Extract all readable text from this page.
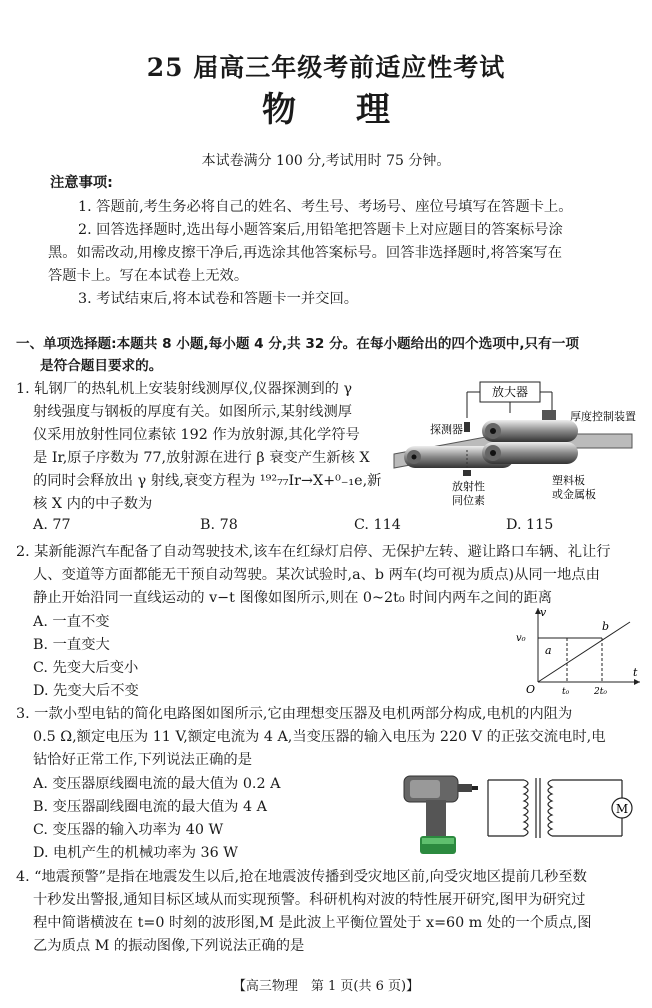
25 届高三年级考前适应性考试
物理
本试卷满分 100 分,考试用时 75 分钟。
注意事项:
1. 答题前,考生务必将自己的姓名、考生号、考场号、座位号填写在答题卡上。
2. 回答选择题时,选出每小题答案后,用铅笔把答题卡上对应题目的答案标号涂
黑。如需改动,用橡皮擦干净后,再选涂其他答案标号。回答非选择题时,将答案写在
答题卡上。写在本试卷上无效。
3. 考试结束后,将本试卷和答题卡一并交回。
一、单项选择题:本题共 8 小题,每小题 4 分,共 32 分。在每小题给出的四个选项中,只有一项
是符合题目要求的。
1. 轧钢厂的热轧机上安装射线测厚仪,仪器探测到的 γ
射线强度与钢板的厚度有关。如图所示,某射线测厚
仪采用放射性同位素铱 192 作为放射源,其化学符号
是 Ir,原子序数为 77,放射源在进行 β 衰变产生新核 X
的同时会释放出 γ 射线,衰变方程为 ¹⁹²₇₇Ir→X+⁰₋₁e,新
核 X 内的中子数为
放大器
厚度控制装置
探测器
放射性
同位素
塑料板
或金属板
A. 77	B. 78	C. 114	D. 115
2. 某新能源汽车配备了自动驾驶技术,该车在红绿灯启停、无保护左转、避让路口车辆、礼让行
人、变道等方面都能无干预自动驾驶。某次试验时,a、b 两车(均可视为质点)从同一地点由
静止开始沿同一直线运动的 v−t 图像如图所示,则在 0~2t₀ 时间内两车之间的距离
A. 一直不变
B. 一直变大
C. 先变大后变小
D. 先变大后不变
v
t
O
v₀
a
b
t₀	2t₀
3. 一款小型电钻的简化电路图如图所示,它由理想变压器及电机两部分构成,电机的内阻为
0.5 Ω,额定电压为 11 V,额定电流为 4 A,当变压器的输入电压为 220 V 的正弦交流电时,电
钻恰好正常工作,下列说法正确的是
A. 变压器原线圈电流的最大值为 0.2 A
B. 变压器副线圈电流的最大值为 4 A
C. 变压器的输入功率为 40 W
D. 电机产生的机械功率为 36 W
M
4. “地震预警”是指在地震发生以后,抢在地震波传播到受灾地区前,向受灾地区提前几秒至数
十秒发出警报,通知目标区域从而实现预警。科研机构对波的特性展开研究,图甲为研究过
程中简谐横波在 t=0 时刻的波形图,M 是此波上平衡位置处于 x=60 m 处的一个质点,图
乙为质点 M 的振动图像,下列说法正确的是
【高三物理　第 1 页(共 6 页)】
